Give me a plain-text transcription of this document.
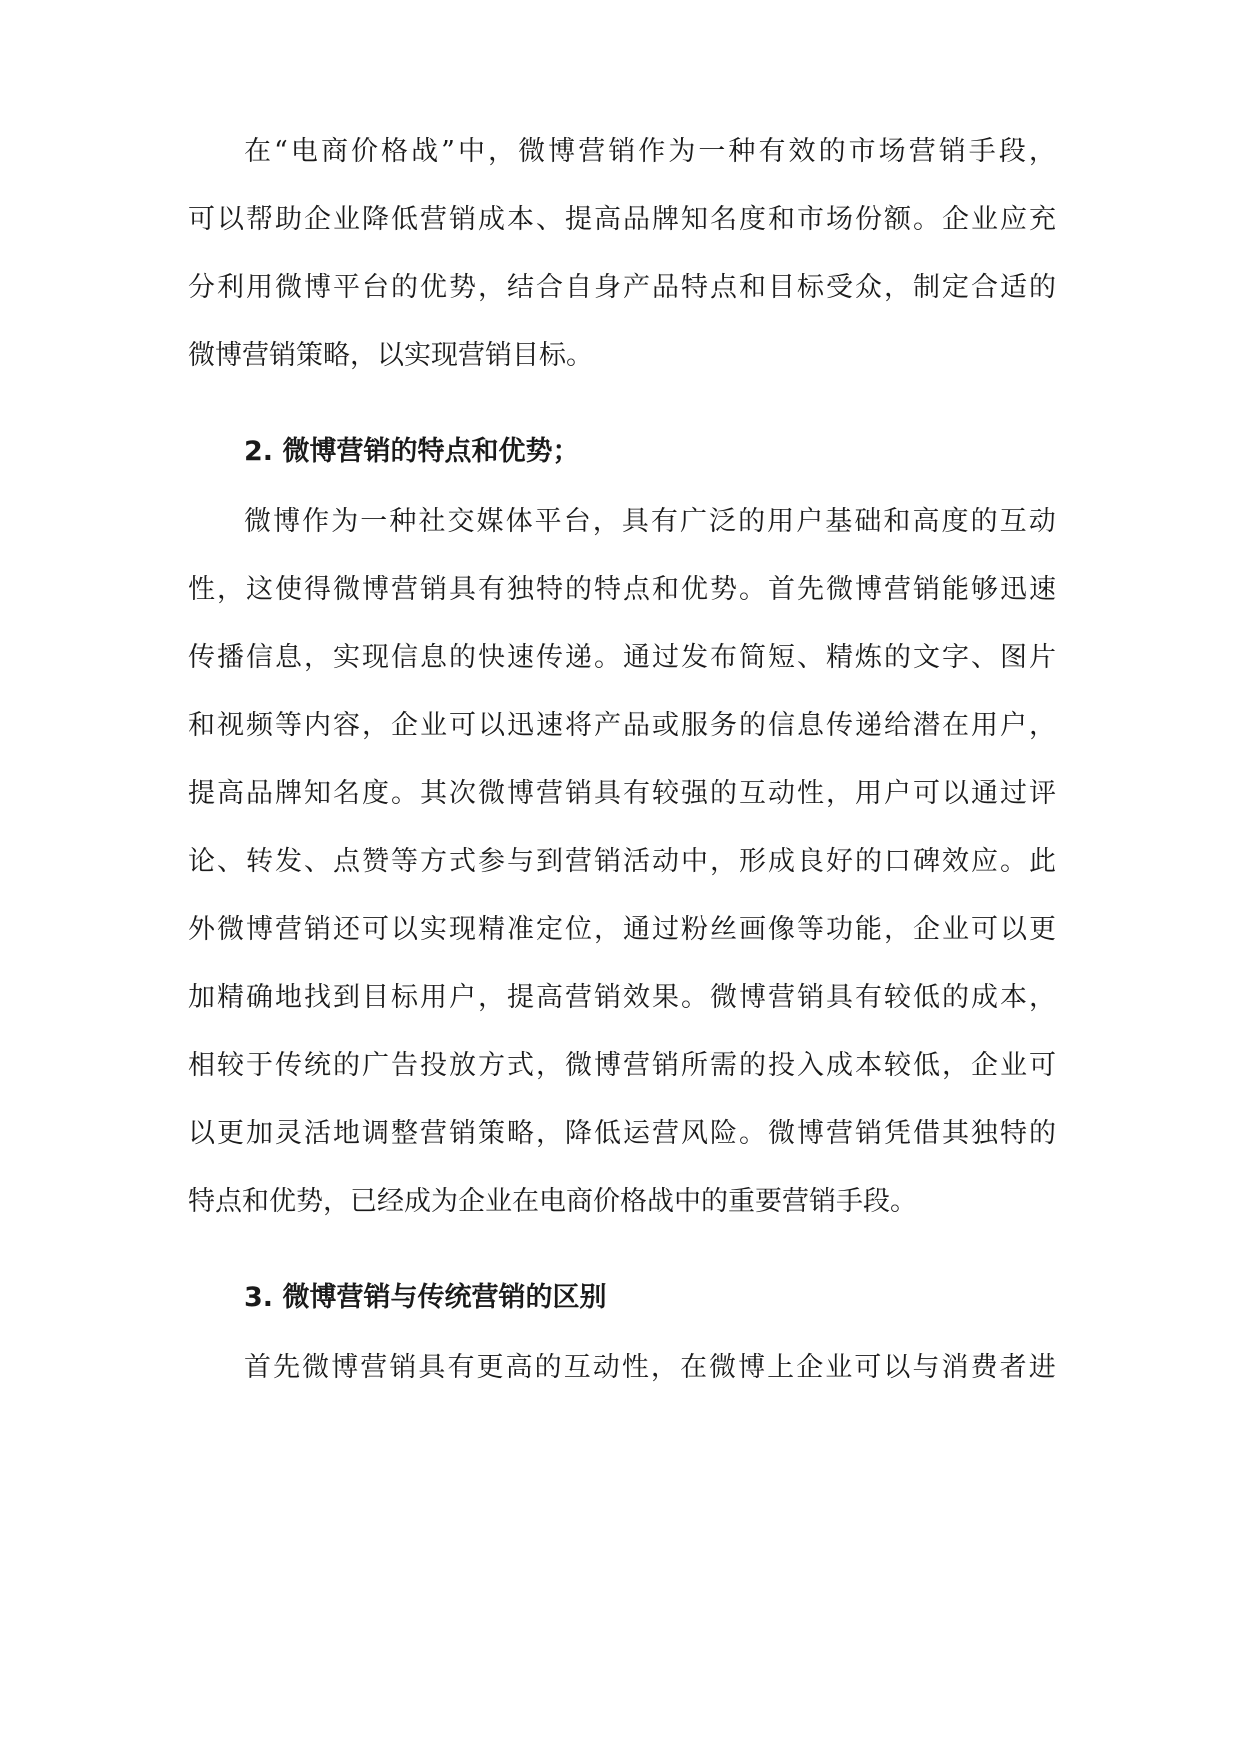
在 “ 电 商 价 格 战 ” 中 ， 微 博 营 销 作 为 一 种 有 效 的 市 场 营 销 手 段 ，
可 以 帮 助 企 业 降 低 营 销 成 本 、 提 高 品 牌 知 名 度 和 市 场 份 额 。 企 业 应 充
分 利 用 微 博 平 台 的 优 势 ， 结 合 自 身 产 品 特 点 和 目 标 受 众 ， 制 定 合 适 的
微博营销策略，以实现营销目标。
2. 微博营销的特点和优势；
微 博 作 为 一 种 社 交 媒 体 平 台 ， 具 有 广 泛 的 用 户 基 础 和 高 度 的 互 动
性 ， 这 使 得 微 博 营 销 具 有 独 特 的 特 点 和 优 势 。 首 先 微 博 营 销 能 够 迅 速
传 播 信 息 ， 实 现 信 息 的 快 速 传 递 。 通 过 发 布 简 短 、 精 炼 的 文 字 、 图 片
和 视 频 等 内 容 ， 企 业 可 以 迅 速 将 产 品 或 服 务 的 信 息 传 递 给 潜 在 用 户 ，
提 高 品 牌 知 名 度 。 其 次 微 博 营 销 具 有 较 强 的 互 动 性 ， 用 户 可 以 通 过 评
论 、 转 发 、 点 赞 等 方 式 参 与 到 营 销 活 动 中 ， 形 成 良 好 的 口 碑 效 应 。 此
外 微 博 营 销 还 可 以 实 现 精 准 定 位 ， 通 过 粉 丝 画 像 等 功 能 ， 企 业 可 以 更
加 精 确 地 找 到 目 标 用 户 ， 提 高 营 销 效 果 。 微 博 营 销 具 有 较 低 的 成 本 ，
相 较 于 传 统 的 广 告 投 放 方 式 ， 微 博 营 销 所 需 的 投 入 成 本 较 低 ， 企 业 可
以 更 加 灵 活 地 调 整 营 销 策 略 ， 降 低 运 营 风 险 。 微 博 营 销 凭 借 其 独 特 的
特点和优势，已经成为企业在电商价格战中的重要营销手段。
3. 微博营销与传统营销的区别
首 先 微 博 营 销 具 有 更 高 的 互 动 性 ， 在 微 博 上 企 业 可 以 与 消 费 者 进
